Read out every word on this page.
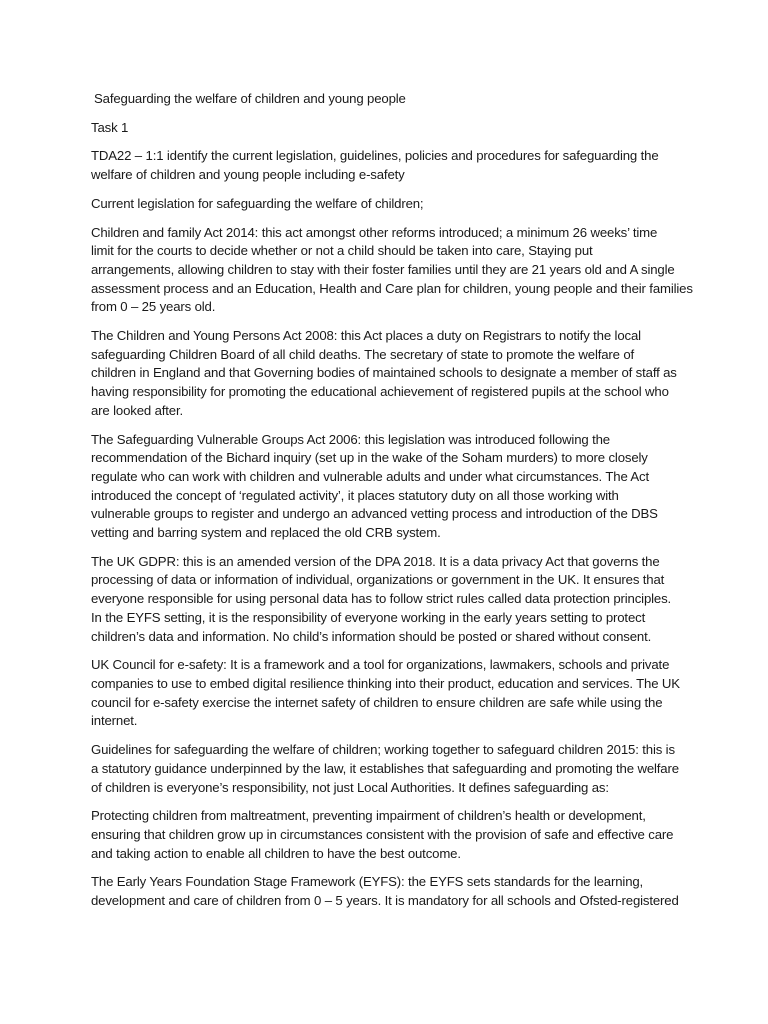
Safeguarding the welfare of children and young people
Task 1
TDA22 – 1:1 identify the current legislation, guidelines, policies and procedures for safeguarding the
welfare of children and young people including e-safety
Current legislation for safeguarding the welfare of children;
Children and family Act 2014: this act amongst other reforms introduced; a minimum 26 weeks’ time
limit for the courts to decide whether or not a child should be taken into care, Staying put
arrangements, allowing children to stay with their foster families until they are 21 years old and A single
assessment process and an Education, Health and Care plan for children, young people and their families
from 0 – 25 years old.
The Children and Young Persons Act 2008: this Act places a duty on Registrars to notify the local
safeguarding Children Board of all child deaths. The secretary of state to promote the welfare of
children in England and that Governing bodies of maintained schools to designate a member of staff as
having responsibility for promoting the educational achievement of registered pupils at the school who
are looked after.
The Safeguarding Vulnerable Groups Act 2006: this legislation was introduced following the
recommendation of the Bichard inquiry (set up in the wake of the Soham murders) to more closely
regulate who can work with children and vulnerable adults and under what circumstances. The Act
introduced the concept of ‘regulated activity’, it places statutory duty on all those working with
vulnerable groups to register and undergo an advanced vetting process and introduction of the DBS
vetting and barring system and replaced the old CRB system.
The UK GDPR: this is an amended version of the DPA 2018. It is a data privacy Act that governs the
processing of data or information of individual, organizations or government in the UK. It ensures that
everyone responsible for using personal data has to follow strict rules called data protection principles.
In the EYFS setting, it is the responsibility of everyone working in the early years setting to protect
children’s data and information. No child’s information should be posted or shared without consent.
UK Council for e-safety: It is a framework and a tool for organizations, lawmakers, schools and private
companies to use to embed digital resilience thinking into their product, education and services. The UK
council for e-safety exercise the internet safety of children to ensure children are safe while using the
internet.
Guidelines for safeguarding the welfare of children; working together to safeguard children 2015: this is
a statutory guidance underpinned by the law, it establishes that safeguarding and promoting the welfare
of children is everyone’s responsibility, not just Local Authorities. It defines safeguarding as:
Protecting children from maltreatment, preventing impairment of children’s health or development,
ensuring that children grow up in circumstances consistent with the provision of safe and effective care
and taking action to enable all children to have the best outcome.
The Early Years Foundation Stage Framework (EYFS): the EYFS sets standards for the learning,
development and care of children from 0 – 5 years. It is mandatory for all schools and Ofsted-registered
